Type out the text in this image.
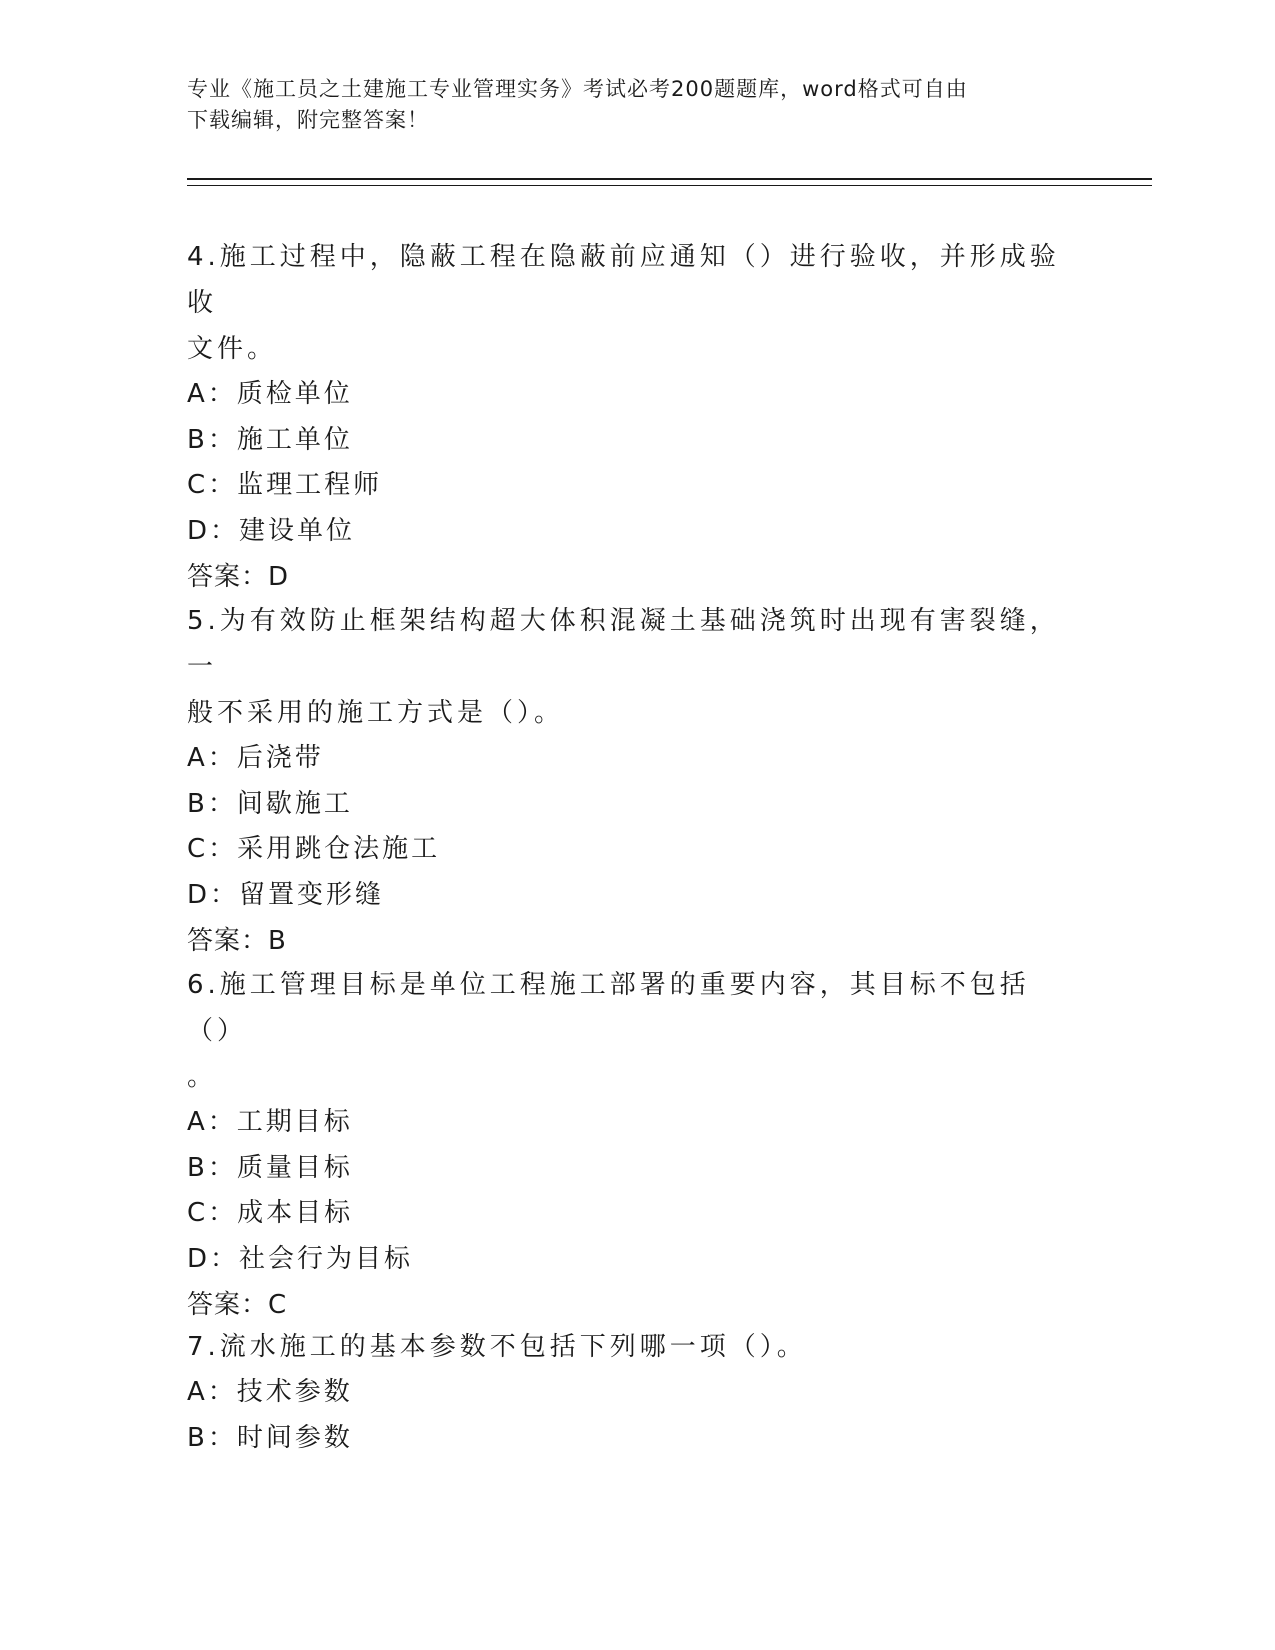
专业《施工员之土建施工专业管理实务》考试必考200题题库，word格式可自由
下载编辑，附完整答案！
4.施工过程中，隐蔽工程在隐蔽前应通知（）进行验收，并形成验收
文件。
A：质检单位
B：施工单位
C：监理工程师
D：建设单位
答案：D
5.为有效防止框架结构超大体积混凝土基础浇筑时出现有害裂缝，一
般不采用的施工方式是（）。
A：后浇带
B：间歇施工
C：采用跳仓法施工
D：留置变形缝
答案：B
6.施工管理目标是单位工程施工部署的重要内容，其目标不包括（）
。
A：工期目标
B：质量目标
C：成本目标
D：社会行为目标
答案：C
7.流水施工的基本参数不包括下列哪一项（）。
A：技术参数
B：时间参数
